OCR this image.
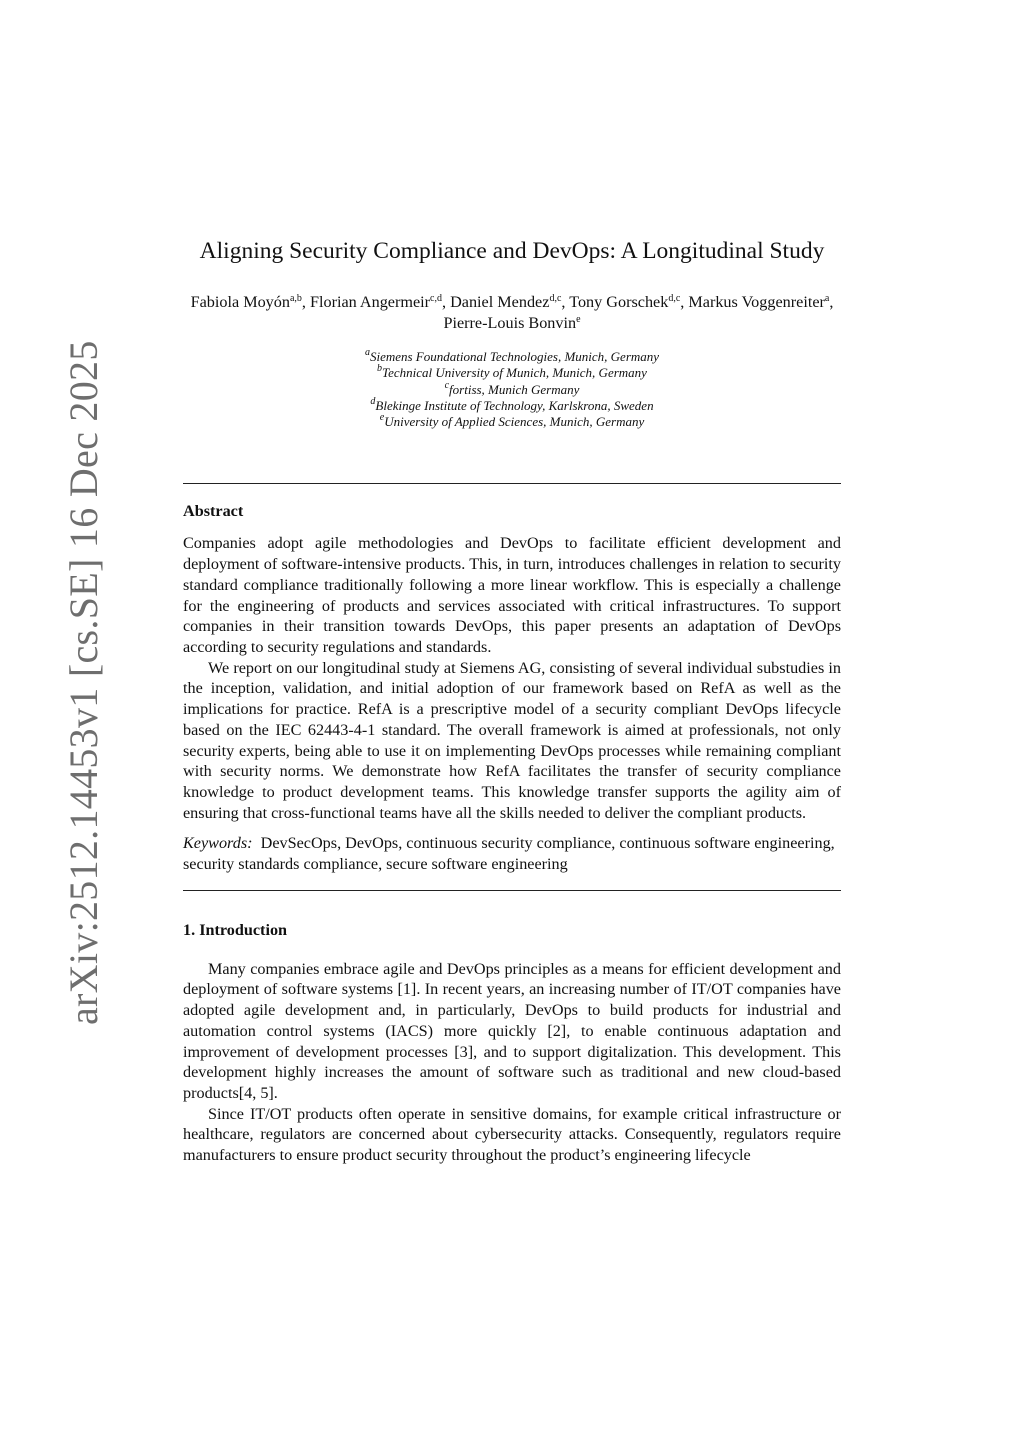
arXiv:2512.14453v1 [cs.SE] 16 Dec 2025
Aligning Security Compliance and DevOps: A Longitudinal Study
Fabiola Moyón$^{a,b}$, Florian Angermeir$^{c,d}$, Daniel Mendez$^{d,c}$, Tony Gorschek$^{d,c}$, Markus Voggenreiter$^a$, Pierre-Louis Bonvin$^e$
$^a$Siemens Foundational Technologies, Munich, Germany
$^b$Technical University of Munich, Munich, Germany
$^c$fortiss, Munich Germany
$^d$Blekinge Institute of Technology, Karlskrona, Sweden
$^e$University of Applied Sciences, Munich, Germany
Abstract

Companies adopt agile methodologies and DevOps to facilitate efficient development and deployment of software-intensive products. This, in turn, introduces challenges in relation to security standard compliance traditionally following a more linear workflow. This is especially a challenge for the engineering of products and services associated with critical infrastructures. To support companies in their transition towards DevOps, this paper presents an adaptation of DevOps according to security regulations and standards.

We report on our longitudinal study at Siemens AG, consisting of several individual substudies in the inception, validation, and initial adoption of our framework based on RefA as well as the implications for practice. RefA is a prescriptive model of a security compliant DevOps lifecycle based on the IEC 62443-4-1 standard. The overall framework is aimed at professionals, not only security experts, being able to use it on implementing DevOps processes while remaining compliant with security norms. We demonstrate how RefA facilitates the transfer of security compliance knowledge to product development teams. This knowledge transfer supports the agility aim of ensuring that cross-functional teams have all the skills needed to deliver the compliant products.

Keywords: DevSecOps, DevOps, continuous security compliance, continuous software engineering, security standards compliance, secure software engineering
1. Introduction

Many companies embrace agile and DevOps principles as a means for efficient development and deployment of software systems [1]. In recent years, an increasing number of IT/OT companies have adopted agile development and, in particularly, DevOps to build products for industrial and automation control systems (IACS) more quickly [2], to enable continuous adaptation and improvement of development processes [3], and to support digitalization. This development. This development highly increases the amount of software such as traditional and new cloud-based products[4, 5].

Since IT/OT products often operate in sensitive domains, for example critical infrastructure or healthcare, regulators are concerned about cybersecurity attacks. Consequently, regulators require manufacturers to ensure product security throughout the product’s engineering lifecycle
